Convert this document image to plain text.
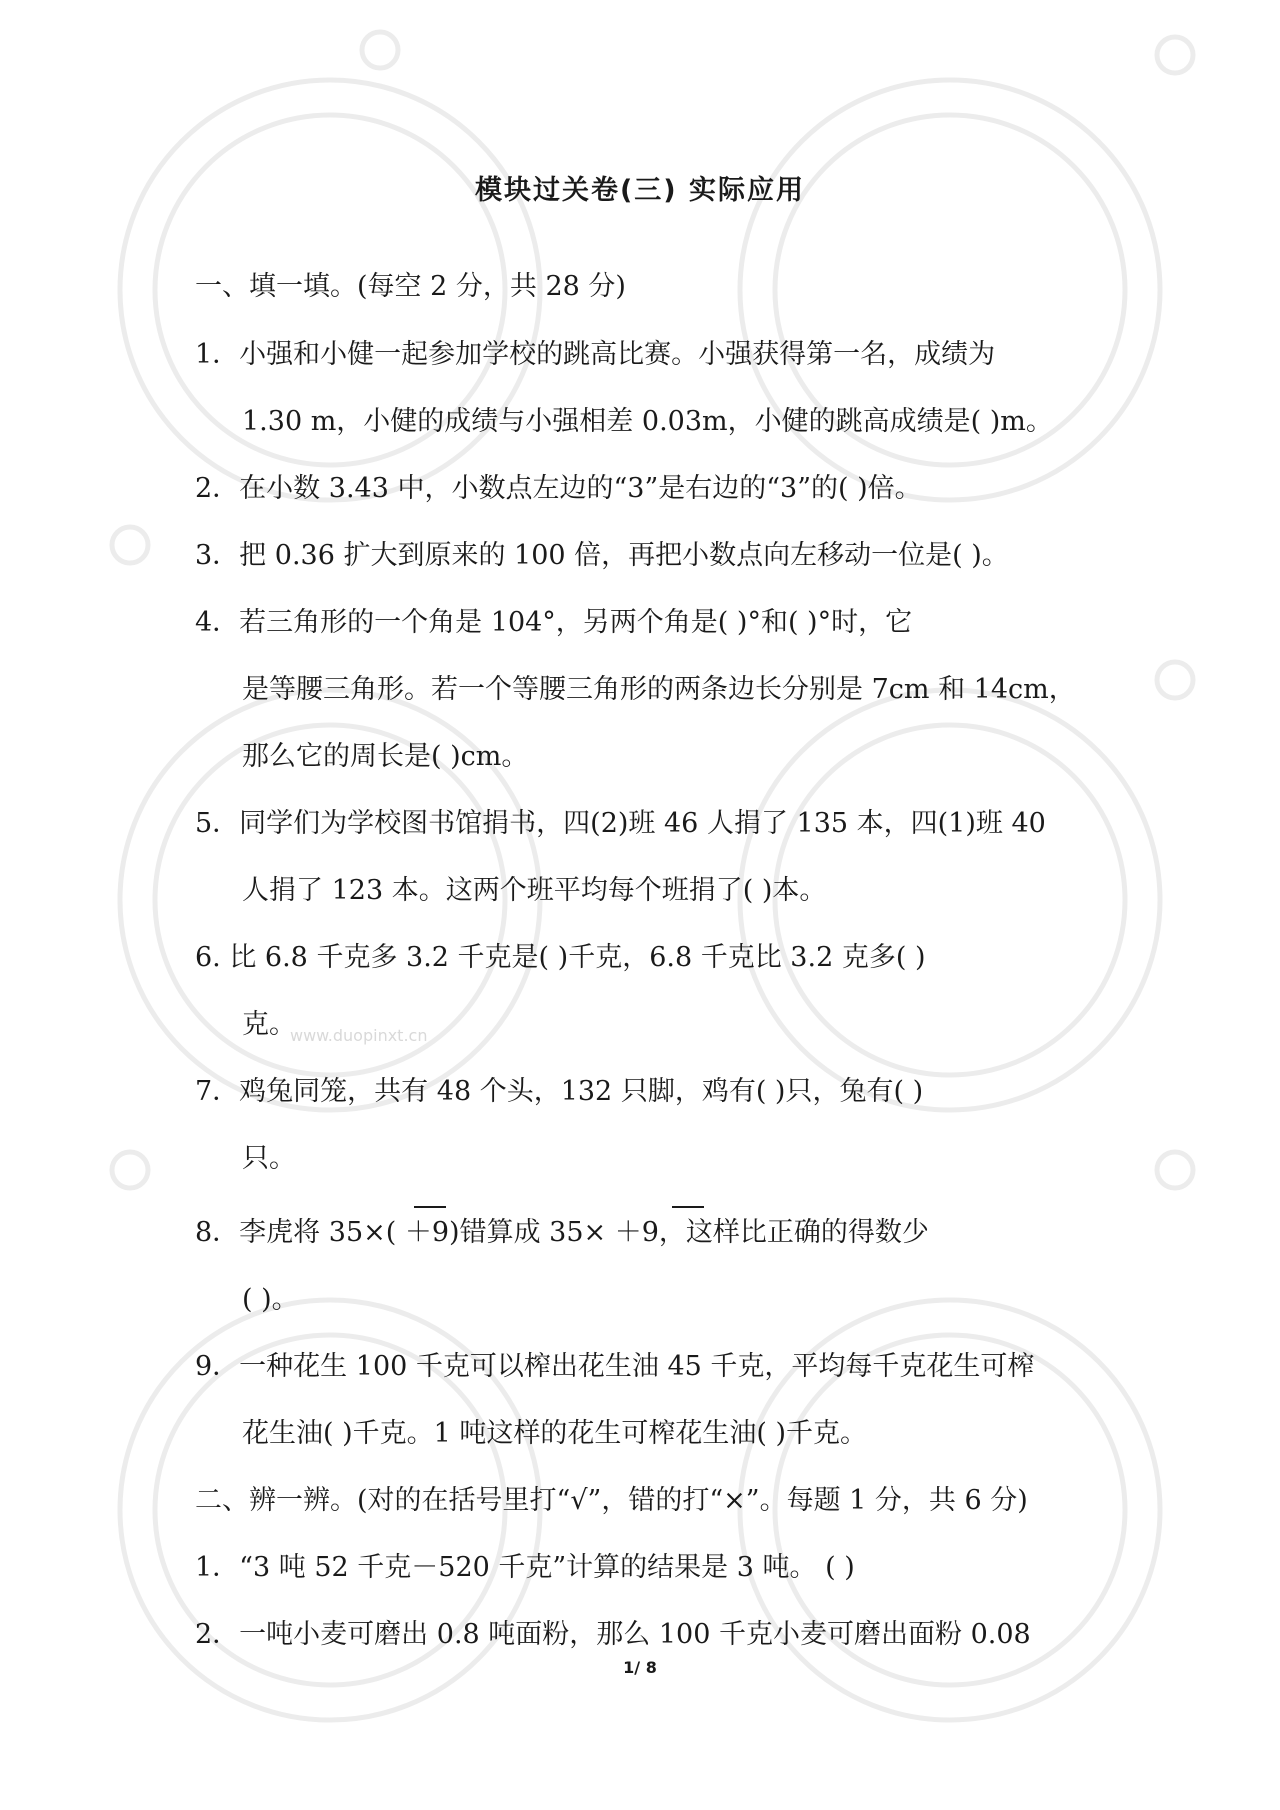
模块过关卷(三) 实际应用
一、填一填。(每空 2 分，共 28 分)
1．小强和小健一起参加学校的跳高比赛。小强获得第一名，成绩为
1.30 m，小健的成绩与小强相差 0.03m，小健的跳高成绩是( )m。
2．在小数 3.43 中，小数点左边的“3”是右边的“3”的( )倍。
3．把 0.36 扩大到原来的 100 倍，再把小数点向左移动一位是( )。
4．若三角形的一个角是 104°，另两个角是( )°和( )°时，它
是等腰三角形。若一个等腰三角形的两条边长分别是 7cm 和 14cm，
那么它的周长是( )cm。
5．同学们为学校图书馆捐书，四(2)班 46 人捐了 135 本，四(1)班 40
人捐了 123 本。这两个班平均每个班捐了( )本。
6. 比 6.8 千克多 3.2 千克是( )千克，6.8 千克比 3.2 克多( )
克。
www.duopinxt.cn
7．鸡兔同笼，共有 48 个头，132 只脚，鸡有( )只，兔有( )
只。
8．李虎将 35×( ＋9)错算成 35× ＋9，这样比正确的得数少
( )。
9．一种花生 100 千克可以榨出花生油 45 千克，平均每千克花生可榨
花生油( )千克。1 吨这样的花生可榨花生油( )千克。
二、辨一辨。(对的在括号里打“√”，错的打“×”。每题 1 分，共 6 分)
1．“3 吨 52 千克－520 千克”计算的结果是 3 吨。 ( )
2．一吨小麦可磨出 0.8 吨面粉，那么 100 千克小麦可磨出面粉 0.08
1/ 8
